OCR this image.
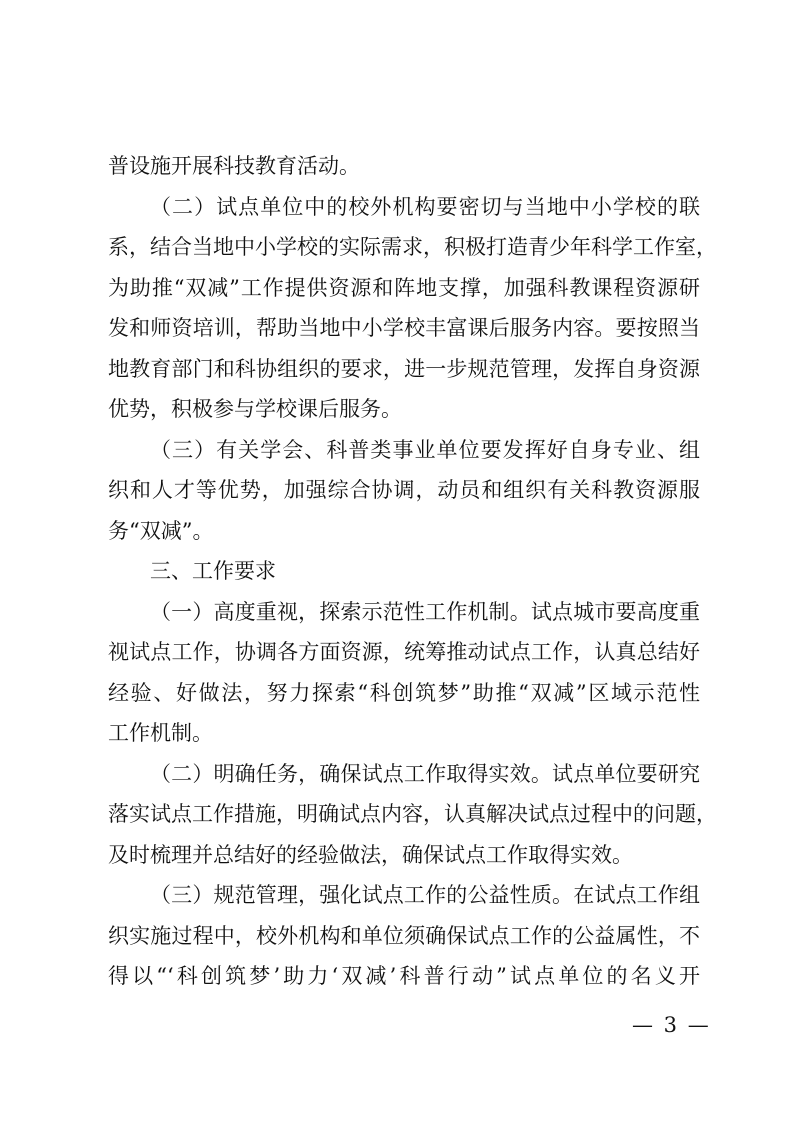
普设施开展科技教育活动。
（二）试点单位中的校外机构要密切与当地中小学校的联
系，结合当地中小学校的实际需求，积极打造青少年科学工作室，
为助推“双减”工作提供资源和阵地支撑，加强科教课程资源研
发和师资培训，帮助当地中小学校丰富课后服务内容。要按照当
地教育部门和科协组织的要求，进一步规范管理，发挥自身资源
优势，积极参与学校课后服务。
（三）有关学会、科普类事业单位要发挥好自身专业、组
织和人才等优势，加强综合协调，动员和组织有关科教资源服
务“双减”。
三、工作要求
（一）高度重视，探索示范性工作机制。试点城市要高度重
视试点工作，协调各方面资源，统筹推动试点工作，认真总结好
经验、好做法，努力探索“科创筑梦”助推“双减”区域示范性
工作机制。
（二）明确任务，确保试点工作取得实效。试点单位要研究
落实试点工作措施，明确试点内容，认真解决试点过程中的问题，
及时梳理并总结好的经验做法，确保试点工作取得实效。
（三）规范管理，强化试点工作的公益性质。在试点工作组
织实施过程中，校外机构和单位须确保试点工作的公益属性，不
得以“‘科创筑梦’助力‘双减’科普行动”试点单位的名义开
— 3 —
